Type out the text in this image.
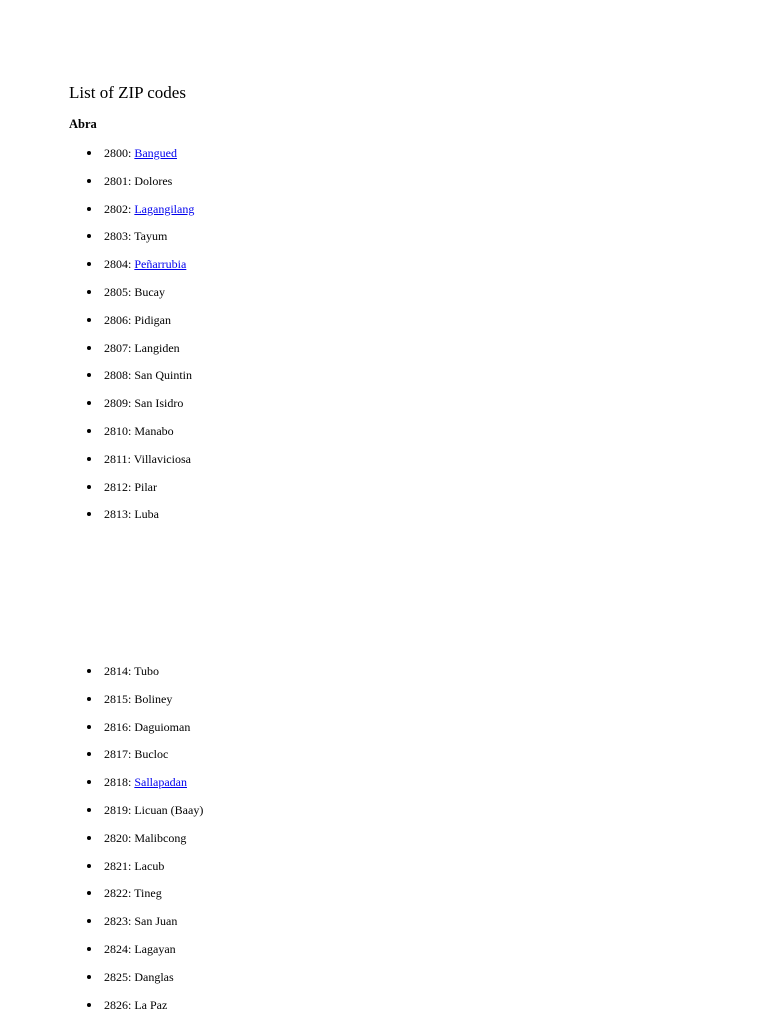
List of ZIP codes
Abra
2800: Bangued
2801: Dolores
2802: Lagangilang
2803: Tayum
2804: Peñarrubia
2805: Bucay
2806: Pidigan
2807: Langiden
2808: San Quintin
2809: San Isidro
2810: Manabo
2811: Villaviciosa
2812: Pilar
2813: Luba
2814: Tubo
2815: Boliney
2816: Daguioman
2817: Bucloc
2818: Sallapadan
2819: Licuan (Baay)
2820: Malibcong
2821: Lacub
2822: Tineg
2823: San Juan
2824: Lagayan
2825: Danglas
2826: La Paz
